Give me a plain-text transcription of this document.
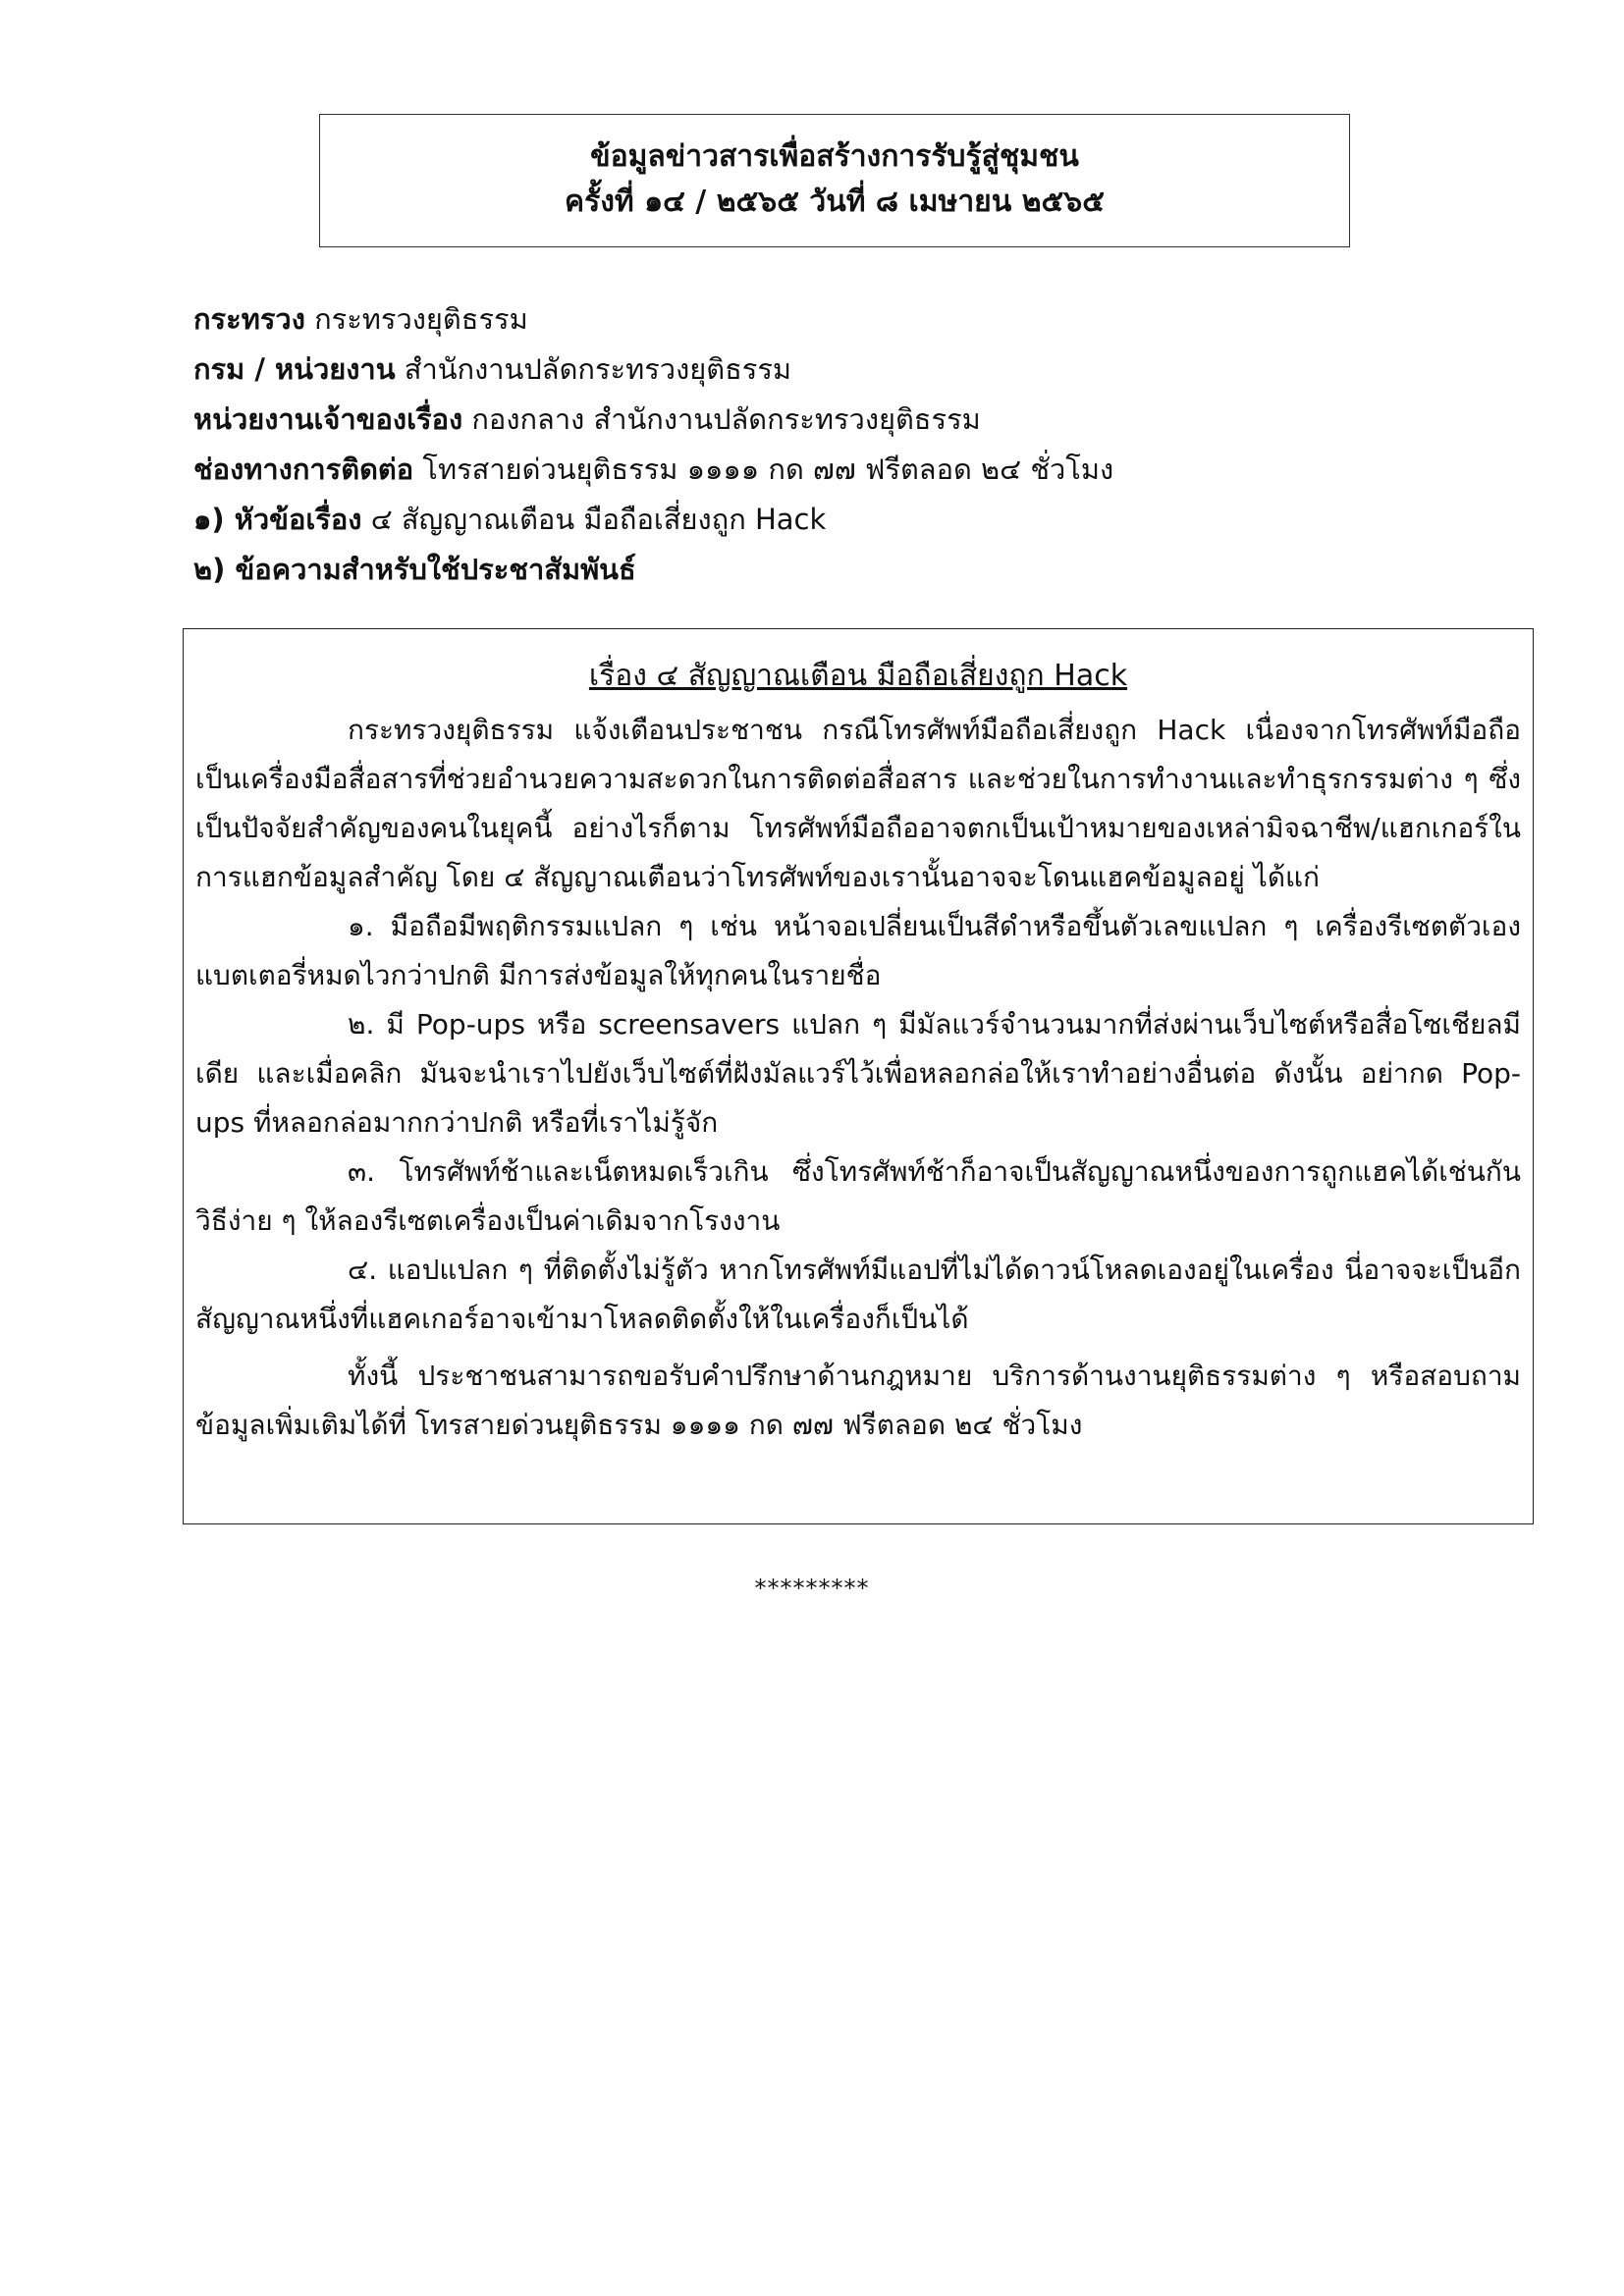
ข้อมูลข่าวสารเพื่อสร้างการรับรู้สู่ชุมชน
ครั้งที่ ๑๔ / ๒๕๖๕ วันที่ ๘ เมษายน ๒๕๖๕
กระทรวง กระทรวงยุติธรรม
กรม / หน่วยงาน สำนักงานปลัดกระทรวงยุติธรรม
หน่วยงานเจ้าของเรื่อง กองกลาง สำนักงานปลัดกระทรวงยุติธรรม
ช่องทางการติดต่อ โทรสายด่วนยุติธรรม ๑๑๑๑ กด ๗๗ ฟรีตลอด ๒๔ ชั่วโมง
๑) หัวข้อเรื่อง ๔ สัญญาณเตือน มือถือเสี่ยงถูก Hack
๒) ข้อความสำหรับใช้ประชาสัมพันธ์
เรื่อง ๔ สัญญาณเตือน มือถือเสี่ยงถูก Hack

กระทรวงยุติธรรม แจ้งเตือนประชาชน กรณีโทรศัพท์มือถือเสี่ยงถูก Hack เนื่องจากโทรศัพท์มือถือเป็นเครื่องมือสื่อสารที่ช่วยอำนวยความสะดวกในการติดต่อสื่อสาร และช่วยในการทำงานและทำธุรกรรมต่าง ๆ ซึ่งเป็นปัจจัยสำคัญของคนในยุคนี้ อย่างไรก็ตาม โทรศัพท์มือถืออาจตกเป็นเป้าหมายของเหล่ามิจฉาชีพ/แฮกเกอร์ในการแฮกข้อมูลสำคัญ โดย ๔ สัญญาณเตือนว่าโทรศัพท์ของเรานั้นอาจจะโดนแฮคข้อมูลอยู่ ได้แก่

๑. มือถือมีพฤติกรรมแปลก ๆ เช่น หน้าจอเปลี่ยนเป็นสีดำหรือขึ้นตัวเลขแปลก ๆ เครื่องรีเซตตัวเอง แบตเตอรี่หมดไวกว่าปกติ มีการส่งข้อมูลให้ทุกคนในรายชื่อ

๒. มี Pop-ups หรือ screensavers แปลก ๆ มีมัลแวร์จำนวนมากที่ส่งผ่านเว็บไซต์หรือสื่อโซเชียลมีเดีย และเมื่อคลิก มันจะนำเราไปยังเว็บไซต์ที่ฝังมัลแวร์ไว้เพื่อหลอกล่อให้เราทำอย่างอื่นต่อ ดังนั้น อย่ากด Pop-ups ที่หลอกล่อมากกว่าปกติ หรือที่เราไม่รู้จัก

๓. โทรศัพท์ช้าและเน็ตหมดเร็วเกิน ซึ่งโทรศัพท์ช้าก็อาจเป็นสัญญาณหนึ่งของการถูกแฮคได้เช่นกัน วิธีง่าย ๆ ให้ลองรีเซตเครื่องเป็นค่าเดิมจากโรงงาน

๔. แอปแปลก ๆ ที่ติดตั้งไม่รู้ตัว หากโทรศัพท์มีแอปที่ไม่ได้ดาวน์โหลดเองอยู่ในเครื่อง นี่อาจจะเป็นอีกสัญญาณหนึ่งที่แฮคเกอร์อาจเข้ามาโหลดติดตั้งให้ในเครื่องก็เป็นได้

ทั้งนี้ ประชาชนสามารถขอรับคำปรึกษาด้านกฎหมาย บริการด้านงานยุติธรรมต่าง ๆ หรือสอบถามข้อมูลเพิ่มเติมได้ที่ โทรสายด่วนยุติธรรม ๑๑๑๑ กด ๗๗ ฟรีตลอด ๒๔ ชั่วโมง

*********
